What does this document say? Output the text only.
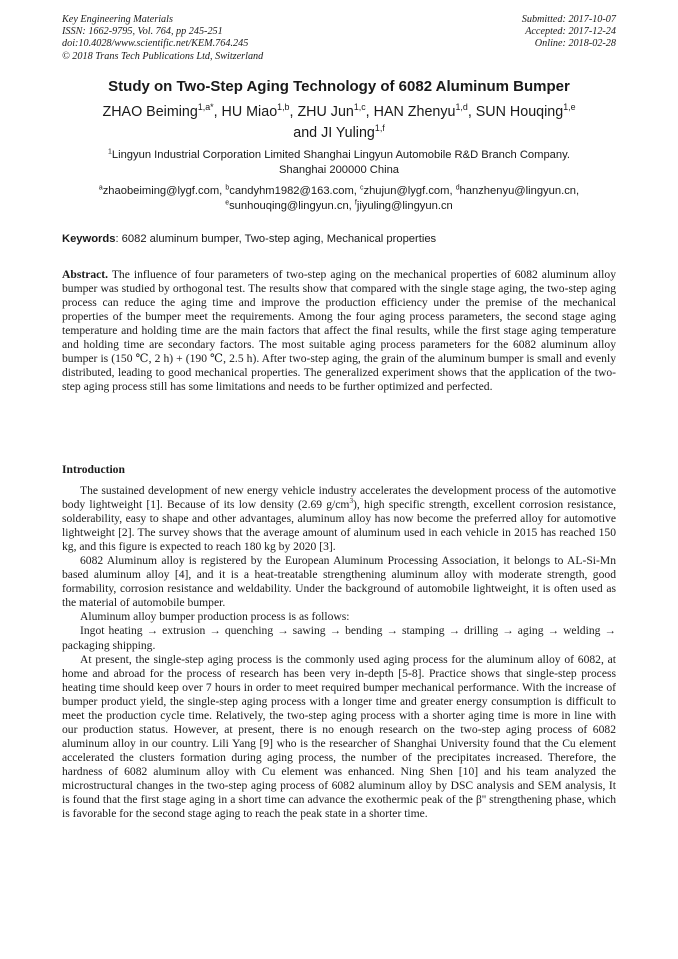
Key Engineering Materials
ISSN: 1662-9795, Vol. 764, pp 245-251
doi:10.4028/www.scientific.net/KEM.764.245
© 2018 Trans Tech Publications Ltd, Switzerland
Submitted: 2017-10-07
Accepted: 2017-12-24
Online: 2018-02-28
Study on Two-Step Aging Technology of 6082 Aluminum Bumper
ZHAO Beiming$^{1,a*}$, HU Miao$^{1,b}$, ZHU Jun$^{1,c}$, HAN Zhenyu$^{1,d}$, SUN Houqing$^{1,e}$
and JI Yuling$^{1,f}$
$^1$Lingyun Industrial Corporation Limited Shanghai Lingyun Automobile R&D Branch Company.
Shanghai 200000 China
$^a$zhaobeiming@lygf.com, $^b$candyhm1982@163.com, $^c$zhujun@lygf.com, $^d$hanzhenyu@lingyun.cn,
$^e$sunhouqing@lingyun.cn, $^f$jiyuling@lingyun.cn
Keywords: 6082 aluminum bumper, Two-step aging, Mechanical properties
Abstract. The influence of four parameters of two-step aging on the mechanical properties of 6082 aluminum alloy bumper was studied by orthogonal test. The results show that compared with the single stage aging, the two-step aging process can reduce the aging time and improve the production efficiency under the premise of the mechanical properties of the bumper meet the requirements. Among the four aging process parameters, the second stage aging temperature and holding time are the main factors that affect the final results, while the first stage aging temperature and holding time are secondary factors. The most suitable aging process parameters for the 6082 aluminum alloy bumper is (150 ℃, 2 h) + (190 ℃, 2.5 h). After two-step aging, the grain of the aluminum bumper is small and evenly distributed, leading to good mechanical properties. The generalized experiment shows that the application of the two-step aging process still has some limitations and needs to be further optimized and perfected.
Introduction

The sustained development of new energy vehicle industry accelerates the development process of the automotive body lightweight [1]. Because of its low density (2.69 $g/cm^3$), high specific strength, excellent corrosion resistance, solderability, easy to shape and other advantages, aluminum alloy has now become the preferred alloy for automotive lightweight [2]. The survey shows that the average amount of aluminum used in each vehicle in 2015 has reached 150 kg, and this figure is expected to reach 180 kg by 2020 [3].

6082 Aluminum alloy is registered by the European Aluminum Processing Association, it belongs to AL-Si-Mn based aluminum alloy [4], and it is a heat-treatable strengthening aluminum alloy with moderate strength, good formability, corrosion resistance and weldability. Under the background of automobile lightweight, it is often used as the material of automobile bumper.

Aluminum alloy bumper production process is as follows:

Ingot heating → extrusion → quenching → sawing → bending → stamping → drilling → aging → welding → packaging shipping.

At present, the single-step aging process is the commonly used aging process for the aluminum alloy of 6082, at home and abroad for the process of research has been very in-depth [5-8]. Practice shows that single-step process heating time should keep over 7 hours in order to meet required bumper mechanical performance. With the increase of bumper product yield, the single-step aging process with a longer time and greater energy consumption is difficult to meet the production cycle time. Relatively, the two-step aging process with a shorter aging time is more in line with our production status. However, at present, there is no enough research on the two-step aging process of 6082 aluminum alloy in our country. Lili Yang [9] who is the researcher of Shanghai University found that the Cu element accelerated the clusters formation during aging process, the number of the precipitates increased. Therefore, the hardness of 6082 aluminum alloy with Cu element was enhanced. Ning Shen [10] and his team analyzed the microstructural changes in the two-step aging process of 6082 aluminum alloy by DSC analysis and SEM analysis, It is found that the first stage aging in a short time can advance the exothermic peak of the β'' strengthening phase, which is favorable for the second stage aging to reach the peak state in a shorter time.
